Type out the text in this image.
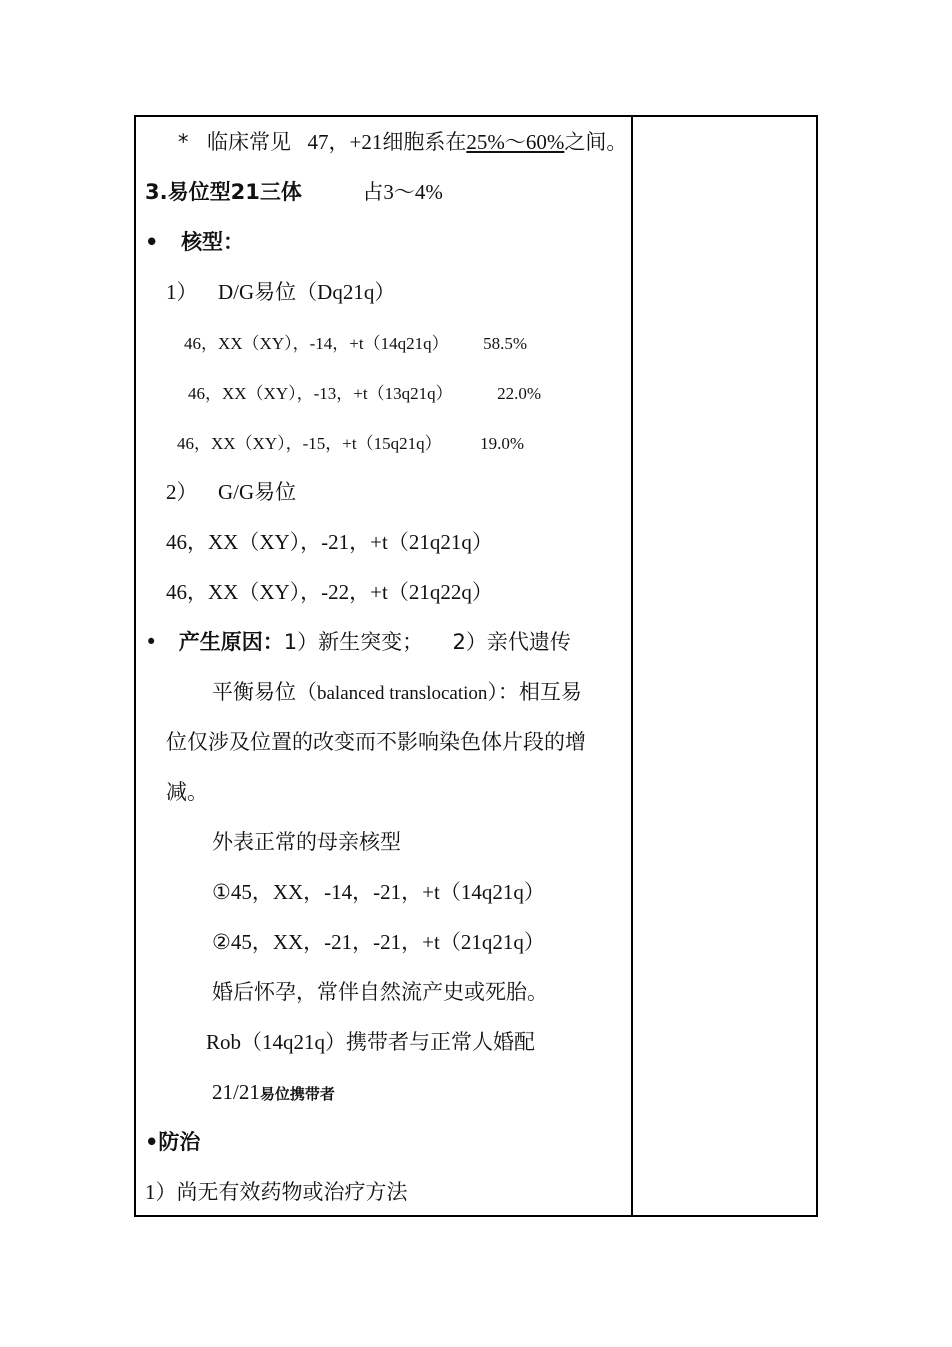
* 临床常见 47，+21细胞系在25%～60%之间。
3.易位型21三体	占3～4%
• 核型：
1） D/G易位（Dq21q）
46，XX（XY），-14，+t（14q21q） 58.5%
46，XX（XY），-13，+t（13q21q）	22.0%
46，XX（XY），-15，+t（15q21q） 19.0%
2） G/G易位
46，XX（XY），-21，+t（21q21q）
46，XX（XY），-22，+t（21q22q）
• 产生原因：1）新生突变； 2）亲代遗传
平衡易位（balanced translocation）：相互易
位仅涉及位置的改变而不影响染色体片段的增
减。
外表正常的母亲核型
①45，XX，-14，-21，+t（14q21q）
②45，XX，-21，-21，+t（21q21q）
婚后怀孕，常伴自然流产史或死胎。
Rob（14q21q）携带者与正常人婚配
21/21易位携带者
•防治
1）尚无有效药物或治疗方法
